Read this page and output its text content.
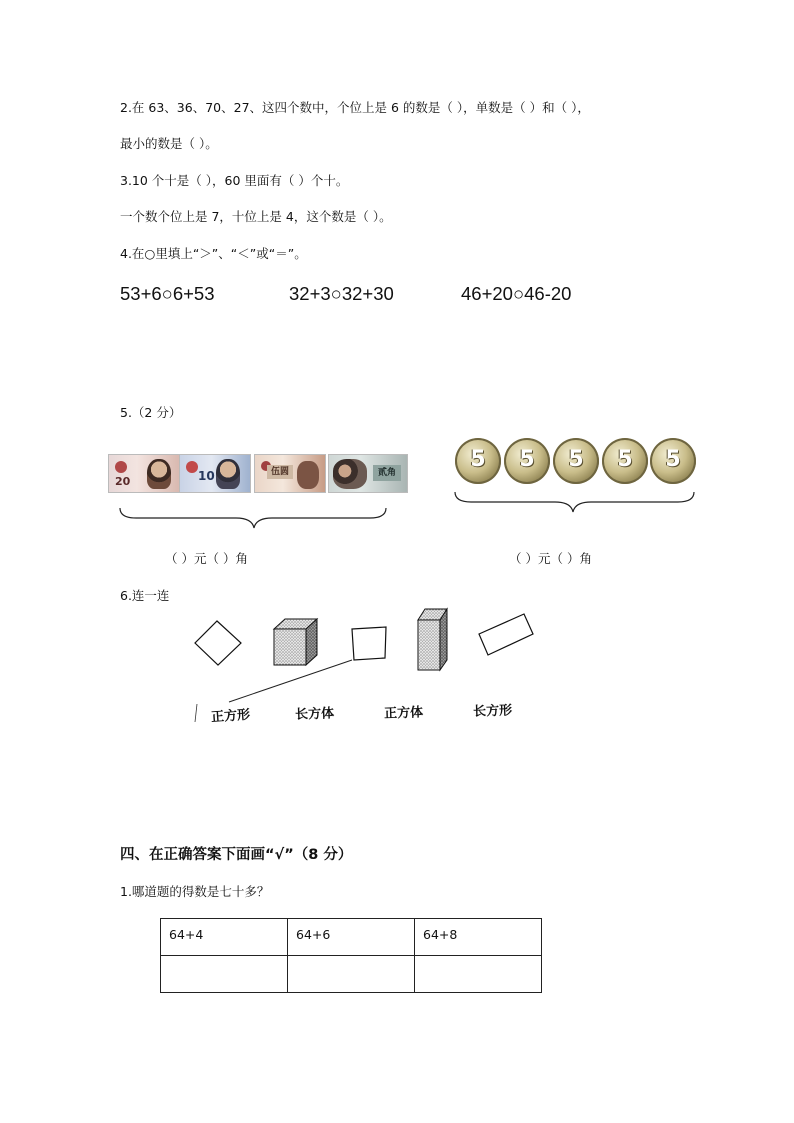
2.在 63、36、70、27、这四个数中，个位上是 6 的数是（ ），单数是（ ）和（ ），
最小的数是（ ）。
3.10 个十是（ ），60 里面有（ ）个十。
一个数个位上是 7，十位上是 4，这个数是（ ）。
4.在○里填上“＞”、“＜”或“＝”。
53+6○6+53	32+3○32+30	46+20○46-20
5.（2 分）
20	10	伍圆	贰角
5	5	5	5	5
（ ）元（ ）角	（ ）元（ ）角
6.连一连
正方形	长方体	正方体	长方形
四、在正确答案下面画“√”（8 分）
1.哪道题的得数是七十多？
64+4	64+6	64+8
